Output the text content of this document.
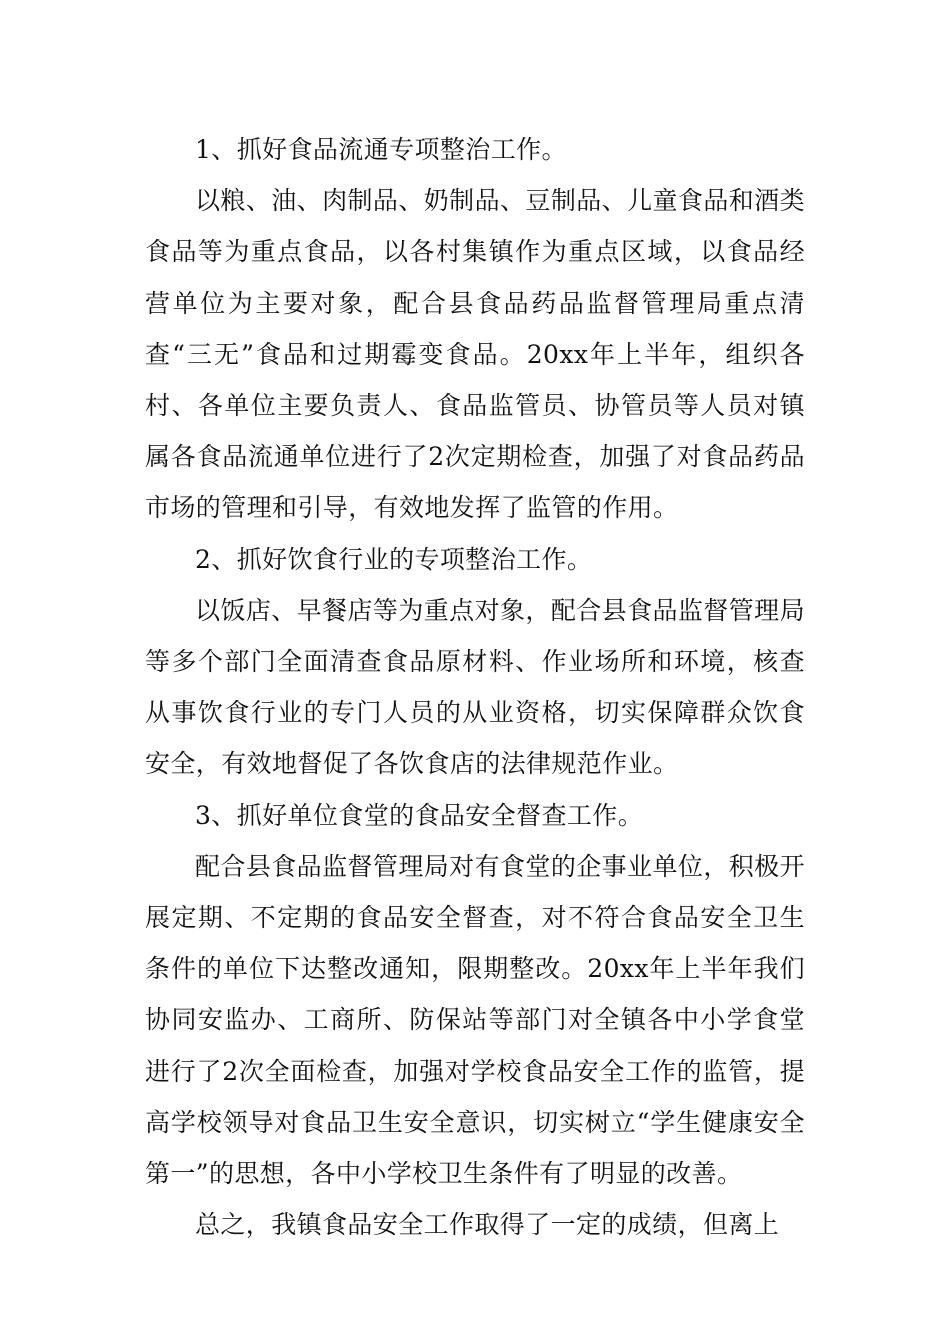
1、抓好食品流通专项整治工作。

以粮、油、肉制品、奶制品、豆制品、儿童食品和酒类食品等为重点食品，以各村集镇作为重点区域，以食品经营单位为主要对象，配合县食品药品监督管理局重点清查“三无”食品和过期霉变食品。20xx年上半年，组织各村、各单位主要负责人、食品监管员、协管员等人员对镇属各食品流通单位进行了2次定期检查，加强了对食品药品市场的管理和引导，有效地发挥了监管的作用。

2、抓好饮食行业的专项整治工作。

以饭店、早餐店等为重点对象，配合县食品监督管理局等多个部门全面清查食品原材料、作业场所和环境，核查从事饮食行业的专门人员的从业资格，切实保障群众饮食安全，有效地督促了各饮食店的法律规范作业。

3、抓好单位食堂的食品安全督查工作。

配合县食品监督管理局对有食堂的企事业单位，积极开展定期、不定期的食品安全督查，对不符合食品安全卫生条件的单位下达整改通知，限期整改。20xx年上半年我们协同安监办、工商所、防保站等部门对全镇各中小学食堂进行了2次全面检查，加强对学校食品安全工作的监管，提高学校领导对食品卫生安全意识，切实树立“学生健康安全第一”的思想，各中小学校卫生条件有了明显的改善。

总之，我镇食品安全工作取得了一定的成绩，但离上
